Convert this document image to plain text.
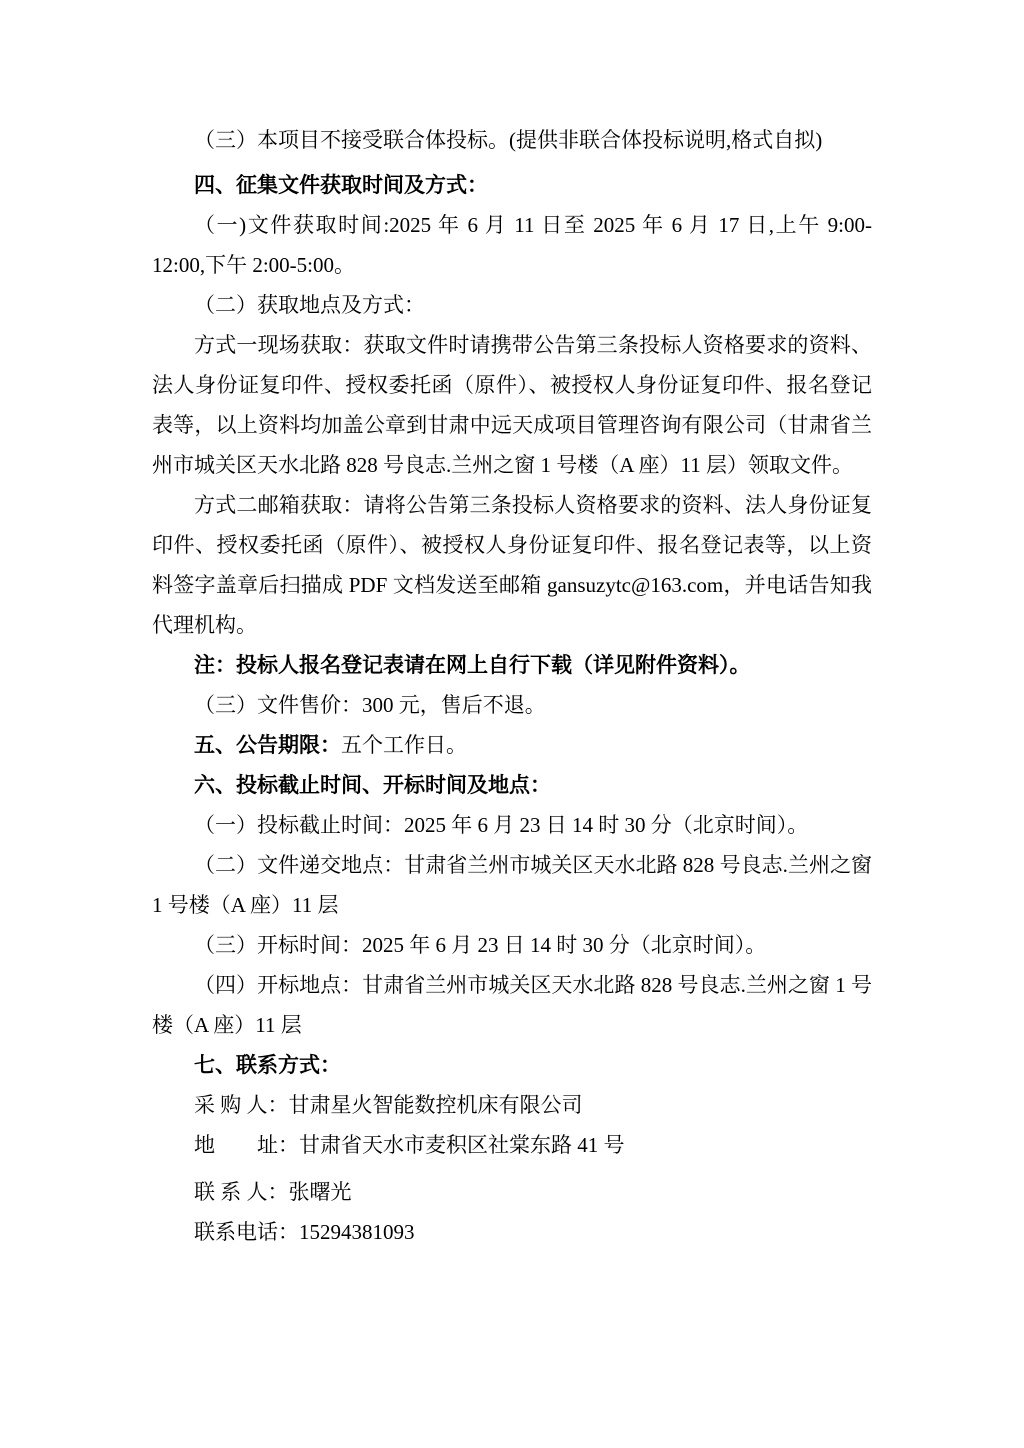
（三）本项目不接受联合体投标。(提供非联合体投标说明,格式自拟)

四、征集文件获取时间及方式：

（一)文件获取时间:2025 年 6 月 11 日至 2025 年 6 月 17 日,上午 9:00-12:00,下午 2:00-5:00。

（二）获取地点及方式：

方式一现场获取：获取文件时请携带公告第三条投标人资格要求的资料、法人身份证复印件、授权委托函（原件）、被授权人身份证复印件、报名登记表等，以上资料均加盖公章到甘肃中远天成项目管理咨询有限公司（甘肃省兰州市城关区天水北路 828 号良志.兰州之窗 1 号楼（A 座）11 层）领取文件。

方式二邮箱获取：请将公告第三条投标人资格要求的资料、法人身份证复印件、授权委托函（原件）、被授权人身份证复印件、报名登记表等，以上资料签字盖章后扫描成 PDF 文档发送至邮箱 gansuzytc@163.com，并电话告知我代理机构。

注：投标人报名登记表请在网上自行下载（详见附件资料）。

（三）文件售价：300 元，售后不退。

五、公告期限：五个工作日。

六、投标截止时间、开标时间及地点：

（一）投标截止时间：2025 年 6 月 23 日 14 时 30 分（北京时间）。

（二）文件递交地点：甘肃省兰州市城关区天水北路 828 号良志.兰州之窗 1 号楼（A 座）11 层

（三）开标时间：2025 年 6 月 23 日 14 时 30 分（北京时间）。

（四）开标地点：甘肃省兰州市城关区天水北路 828 号良志.兰州之窗 1 号楼（A 座）11 层

七、联系方式：

采 购 人：甘肃星火智能数控机床有限公司

地　　址：甘肃省天水市麦积区社棠东路 41 号

联 系 人：张曙光

联系电话：15294381093
